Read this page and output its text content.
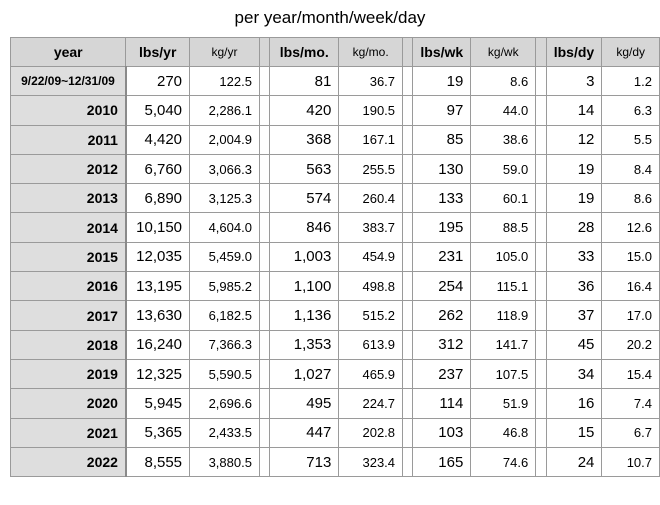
per year/month/week/day
year	lbs/yr	kg/yr		lbs/mo.	kg/mo.		lbs/wk	kg/wk		lbs/dy	kg/dy
9/22/09~12/31/09	270	122.5		81	36.7		19	8.6		3	1.2
2010	5,040	2,286.1		420	190.5		97	44.0		14	6.3
2011	4,420	2,004.9		368	167.1		85	38.6		12	5.5
2012	6,760	3,066.3		563	255.5		130	59.0		19	8.4
2013	6,890	3,125.3		574	260.4		133	60.1		19	8.6
2014	10,150	4,604.0		846	383.7		195	88.5		28	12.6
2015	12,035	5,459.0		1,003	454.9		231	105.0		33	15.0
2016	13,195	5,985.2		1,100	498.8		254	115.1		36	16.4
2017	13,630	6,182.5		1,136	515.2		262	118.9		37	17.0
2018	16,240	7,366.3		1,353	613.9		312	141.7		45	20.2
2019	12,325	5,590.5		1,027	465.9		237	107.5		34	15.4
2020	5,945	2,696.6		495	224.7		114	51.9		16	7.4
2021	5,365	2,433.5		447	202.8		103	46.8		15	6.7
2022	8,555	3,880.5		713	323.4		165	74.6		24	10.7
